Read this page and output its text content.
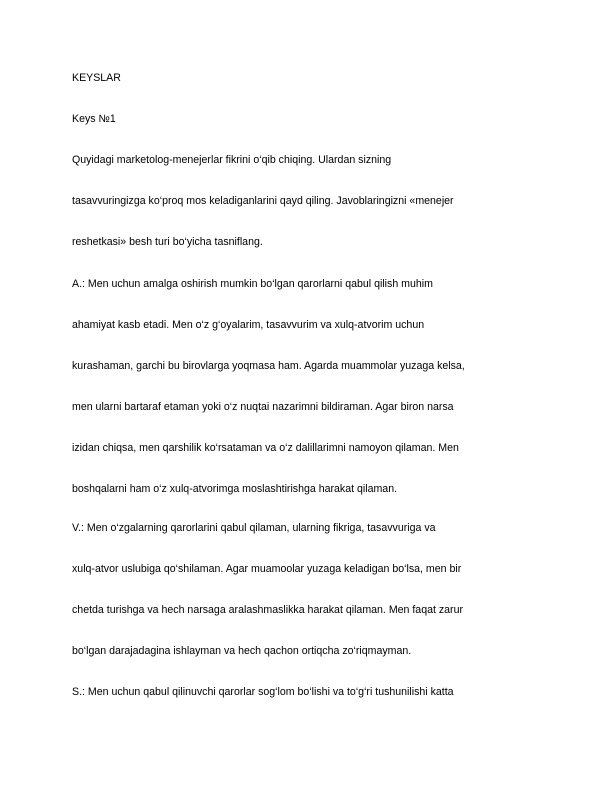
KEYSLAR
Keys №1
Quyidagi marketolog-menejerlar fikrini o‘qib chiqing. Ulardan sizning
tasavvuringizga ko‘proq mos keladiganlarini qayd qiling. Javoblaringizni «menejer
reshetkasi» besh turi bo‘yicha tasniflang.
A.: Men uchun amalga oshirish mumkin bo‘lgan qarorlarni qabul qilish muhim
ahamiyat kasb etadi. Men o‘z g‘oyalarim, tasavvurim va xulq-atvorim uchun
kurashaman, garchi bu birovlarga yoqmasa ham. Agarda muammolar yuzaga kelsa,
men ularni bartaraf etaman yoki o‘z nuqtai nazarimni bildiraman. Agar biron narsa
izidan chiqsa, men qarshilik ko‘rsataman va o‘z dalillarimni namoyon qilaman. Men
boshqalarni ham o‘z xulq-atvorimga moslashtirishga harakat qilaman.
V.: Men o‘zgalarning qarorlarini qabul qilaman, ularning fikriga, tasavvuriga va
xulq-atvor uslubiga qo‘shilaman. Agar muamoolar yuzaga keladigan bo‘lsa, men bir
chetda turishga va hech narsaga aralashmaslikka harakat qilaman. Men faqat zarur
bo‘lgan darajadagina ishlayman va hech qachon ortiqcha zo‘riqmayman.
S.: Men uchun qabul qilinuvchi qarorlar sog‘lom bo‘lishi va to‘g‘ri tushunilishi katta
